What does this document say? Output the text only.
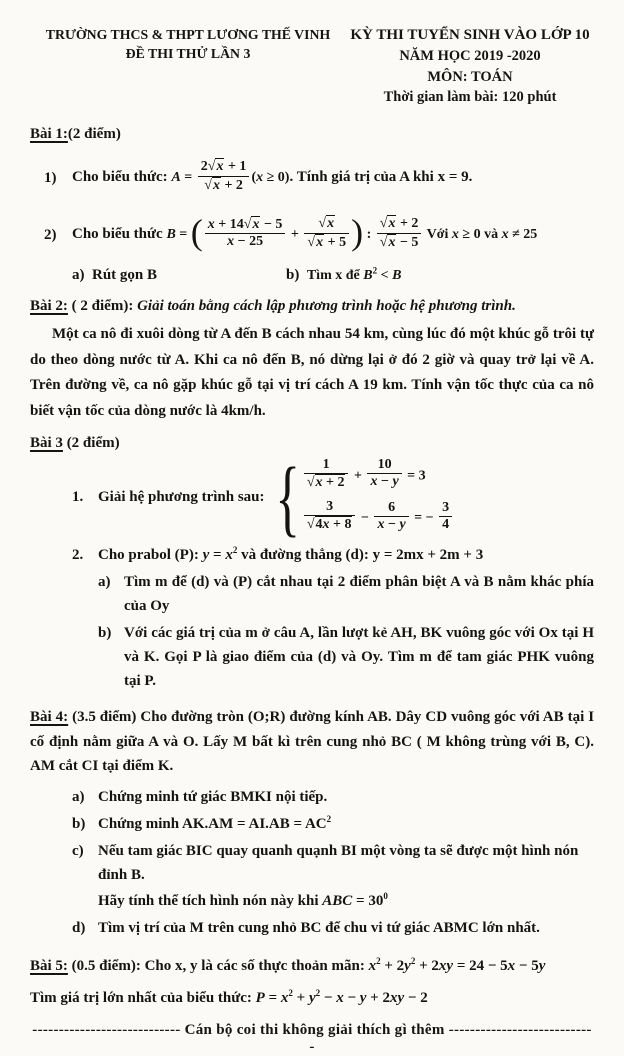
TRƯỜNG THCS & THPT LƯƠNG THẾ VINH
ĐỀ THI THỬ LẦN 3
KỲ THI TUYỂN SINH VÀO LỚP 10
NĂM HỌC 2019 -2020
MÔN: TOÁN
Thời gian làm bài: 120 phút
Bài 1:(2 điểm)
1)	Cho biểu thức: A = 2 √ x + 1
√ x + 2 (x ≥ 0). Tính giá trị của A khi x = 9.
2)	Cho biểu thức B = ( $\frac{x + 14 √ x - 5}{x - 25}$ + √ x
√ x + 5 ) : √ x + 2
√ x − 5 Với x ≥ 0 và x ≠ 25
a) Rút gọn B	b) Tìm x để $B^2 < B$
Bài 2: ( 2 điểm): Giải toán bằng cách lập phương trình hoặc hệ phương trình.
Một ca nô đi xuôi dòng từ A đến B cách nhau 54 km, cùng lúc đó một khúc gỗ trôi tự do theo dòng nước từ A. Khi ca nô đến B, nó dừng lại ở đó 2 giờ và quay trở lại về A. Trên đường về, ca nô gặp khúc gỗ tại vị trí cách A 19 km. Tính vận tốc thực của ca nô biết vận tốc của dòng nước là 4km/h.
Bài 3 (2 điểm)
1. Giải hệ phương trình sau: { 1
√ $x + 2 + \frac{10}{x - y} = 3$
3
√ $4x + 8 - \frac{6}{x - y}$ = − $\frac{3}{4}$
2. Cho prabol (P): $y = x^2$ và đường thẳng (d): y = 2mx + 2m + 3
a) Tìm m để (d) và (P) cắt nhau tại 2 điểm phân biệt A và B nằm khác phía của Oy
b) Với các giá trị của m ở câu A, lần lượt kẻ AH, BK vuông góc với Ox tại H và K. Gọi P là giao điểm của (d) và Oy. Tìm m để tam giác PHK vuông tại P.
Bài 4: (3.5 điểm) Cho đường tròn (O;R) đường kính AB. Dây CD vuông góc với AB tại I cố định nằm giữa A và O. Lấy M bất kì trên cung nhỏ BC ( M không trùng với B, C). AM cắt CI tại điểm K.
a) Chứng minh tứ giác BMKI nội tiếp.
b) Chứng minh $AK.AM = AI.AB = AC^2$
c) Nếu tam giác BIC quay quanh quạnh BI một vòng ta sẽ được một hình nón đỉnh B.
Hãy tính thể tích hình nón này khi ABC = $30^0$
d) Tìm vị trí của M trên cung nhỏ BC để chu vi tứ giác ABMC lớn nhất.
Bài 5: (0.5 điểm): Cho x, y là các số thực thoản mãn: $x^2 + 2y^2 + 2xy = 24 - 5x - 5y$
Tìm giá trị lớn nhất của biểu thức: $P = x^2 + y^2 - x - y + 2xy - 2$
---------------------------- Cán bộ coi thi không giải thích gì thêm ----------------------------
